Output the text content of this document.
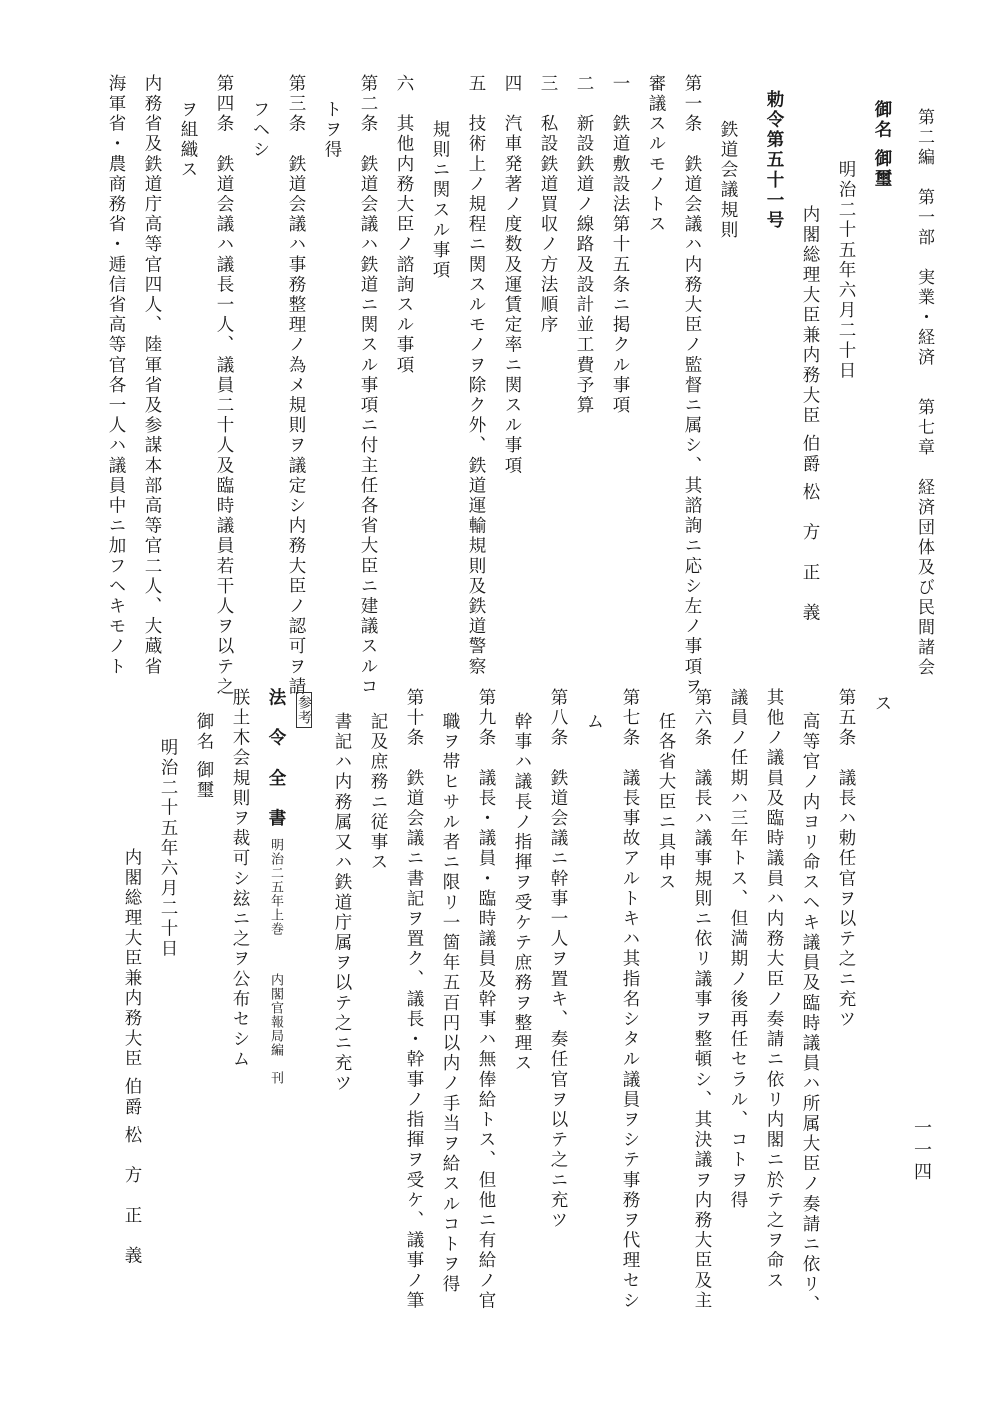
第二編　第一部　実業・経済
第七章　経済団体及び民間諸会
一一四
御名 御璽
明治二十五年六月二十日
内閣総理大臣兼内務大臣 伯爵 松　方　正　義
勅令第五十一号
鉄道会議規則
第一条　鉄道会議ハ内務大臣ノ監督ニ属シ、其諮詢ニ応シ左ノ事項ヲ
審議スルモノトス
一　鉄道敷設法第十五条ニ掲クル事項
二　新設鉄道ノ線路及設計並工費予算
三　私設鉄道買収ノ方法順序
四　汽車発著ノ度数及運賃定率ニ関スル事項
五　技術上ノ規程ニ関スルモノヲ除ク外、鉄道運輸規則及鉄道警察
規則ニ関スル事項
六　其他内務大臣ノ諮詢スル事項
第二条　鉄道会議ハ鉄道ニ関スル事項ニ付主任各省大臣ニ建議スルコ
トヲ得
第三条　鉄道会議ハ事務整理ノ為メ規則ヲ議定シ内務大臣ノ認可ヲ請
フヘシ
第四条　鉄道会議ハ議長一人、議員二十人及臨時議員若干人ヲ以テ之
ヲ組織ス
内務省及鉄道庁高等官四人、陸軍省及参謀本部高等官二人、大蔵省
海軍省・農商務省・逓信省高等官各一人ハ議員中ニ加フヘキモノト
ス
第五条　議長ハ勅任官ヲ以テ之ニ充ツ
高等官ノ内ヨリ命スヘキ議員及臨時議員ハ所属大臣ノ奏請ニ依リ、
其他ノ議員及臨時議員ハ内務大臣ノ奏請ニ依リ内閣ニ於テ之ヲ命ス
議員ノ任期ハ三年トス、但満期ノ後再任セラル、コトヲ得
第六条　議長ハ議事規則ニ依リ議事ヲ整頓シ、其決議ヲ内務大臣及主
任各省大臣ニ具申ス
第七条　議長事故アルトキハ其指名シタル議員ヲシテ事務ヲ代理セシ
ム
第八条　鉄道会議ニ幹事一人ヲ置キ、奏任官ヲ以テ之ニ充ツ
幹事ハ議長ノ指揮ヲ受ケテ庶務ヲ整理ス
第九条　議長・議員・臨時議員及幹事ハ無俸給トス、但他ニ有給ノ官
職ヲ帯ヒサル者ニ限リ一箇年五百円以内ノ手当ヲ給スルコトヲ得
第十条　鉄道会議ニ書記ヲ置ク、議長・幹事ノ指揮ヲ受ケ、議事ノ筆
記及庶務ニ従事ス
書記ハ内務属又ハ鉄道庁属ヲ以テ之ニ充ツ
参考
法　令　全　書
明治二五年上巻
内閣官報局編　刊
朕土木会規則ヲ裁可シ玆ニ之ヲ公布セシム
御名 御璽
明治二十五年六月二十日
内閣総理大臣兼内務大臣 伯爵 松　方　正　義
